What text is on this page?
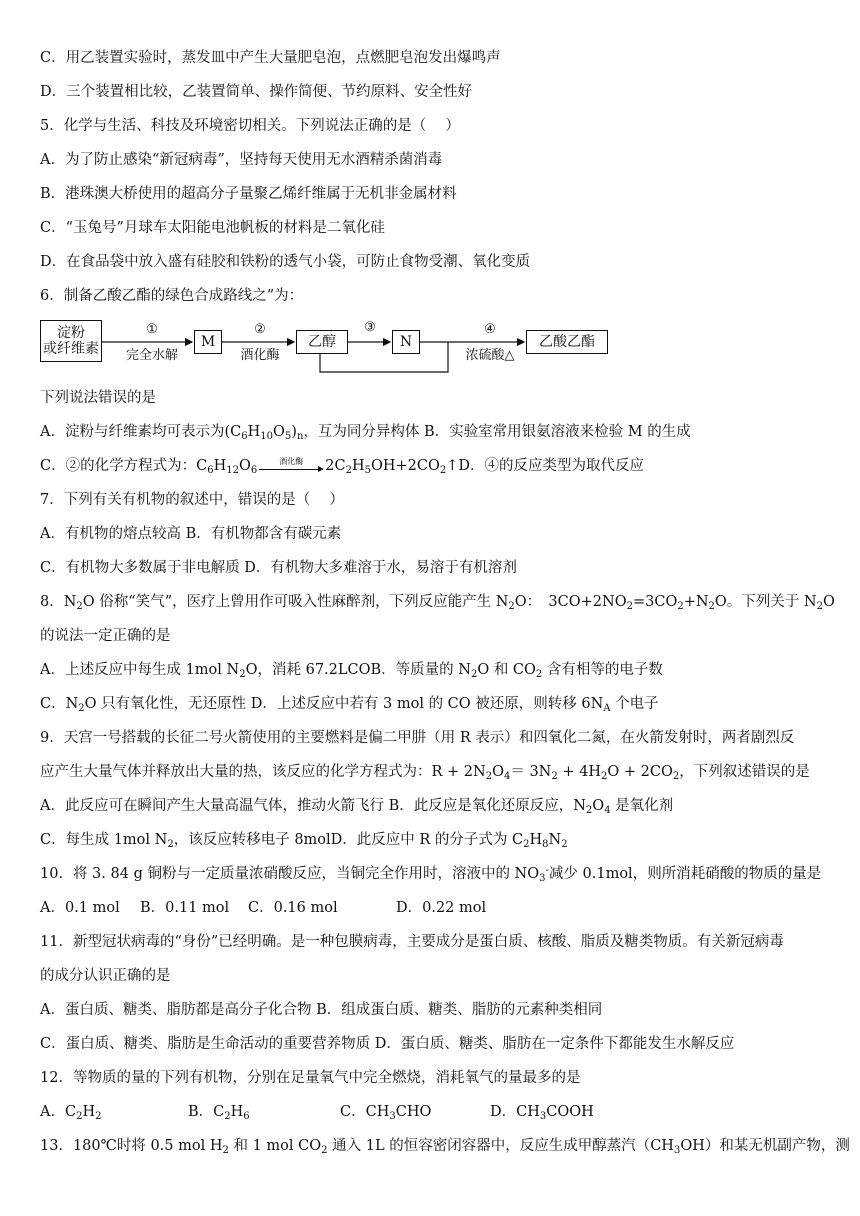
C．用乙装置实验时，蒸发皿中产生大量肥皂泡，点燃肥皂泡发出爆鸣声
D．三个装置相比较，乙装置简单、操作简便、节约原料、安全性好
5．化学与生活、科技及环境密切相关。下列说法正确的是（　 ）
A．为了防止感染“新冠病毒”，坚持每天使用无水酒精杀菌消毒
B．港珠澳大桥使用的超高分子量聚乙烯纤维属于无机非金属材料
C．“玉兔号”月球车太阳能电池帆板的材料是二氧化硅
D．在食品袋中放入盛有硅胶和铁粉的透气小袋，可防止食物受潮、氧化变质
6．制备乙酸乙酯的绿色合成路线之”为：
淀粉
或纤维素
①
完全水解
M
②
酒化酶
乙醇
③
N
④
浓硫酸△
乙酸乙酯
下列说法错误的是
A．淀粉与纤维素均可表示为$(C_6H_{10}O_5)_n$，互为同分异构体 B．实验室常用银氨溶液来检验 M 的生成
C．②的化学方程式为：$C_6H_{12}O_6$
酒化酶	$2C_2H_5OH+2CO_2↑D$．④的反应类型为取代反应
7．下列有关有机物的叙述中，错误的是（　 ）
A．有机物的熔点较高 B．有机物都含有碳元素
C．有机物大多数属于非电解质 D．有机物大多难溶于水，易溶于有机溶剂
8．$N_2O$ 俗称“笑气”，医疗上曾用作可吸入性麻醉剂，下列反应能产生 $N_2O$：　$3CO+2NO_2=3CO_2+N_2O$。下列关于 $N_2O$
的说法一定正确的是
A．上述反应中每生成 1mol $N_2O$，消耗 67.2LCOB．等质量的 $N_2O$ 和 $CO_2$ 含有相等的电子数
C．$N_2O$ 只有氧化性，无还原性 D．上述反应中若有 3 mol 的 CO 被还原，则转移 $6N_A$ 个电子
9．天宫一号搭载的长征二号火箭使用的主要燃料是偏二甲肼（用 R 表示）和四氧化二氮，在火箭发射时，两者剧烈反
应产生大量气体并释放出大量的热，该反应的化学方程式为：$R + 2N_2O_4= 3N_2 + 4H_2O + 2CO_2$，下列叙述错误的是
A．此反应可在瞬间产生大量高温气体，推动火箭飞行 B．此反应是氧化还原反应，$N_2O_4$ 是氧化剂
C．每生成 1mol $N_2$，该反应转移电子 8molD．此反应中 R 的分子式为 $C_2H_8N_2$
10．将 3. 84 g 铜粉与一定质量浓硝酸反应，当铜完全作用时，溶液中的 $NO_3^-$减少 0.1mol，则所消耗硝酸的物质的量是
A．0.1 mol B．0.11 mol C．0.16 mol	D．0.22 mol
11．新型冠状病毒的“身份”已经明确。是一种包膜病毒，主要成分是蛋白质、核酸、脂质及糖类物质。有关新冠病毒
的成分认识正确的是
A．蛋白质、糖类、脂肪都是高分子化合物 B．组成蛋白质、糖类、脂肪的元素种类相同
C．蛋白质、糖类、脂肪是生命活动的重要营养物质 D．蛋白质、糖类、脂肪在一定条件下都能发生水解反应
12．等物质的量的下列有机物，分别在足量氧气中完全燃烧，消耗氧气的量最多的是
A．$C_2H_2$	B．$C_2H_6$	C．$CH_3CHO$	D．$CH_3COOH$
13．180℃时将 0.5 mol $H_2$ 和 1 mol $CO_2$ 通入 1L 的恒容密闭容器中，反应生成甲醇蒸汽$(CH_3OH)$和某无机副产物，测
